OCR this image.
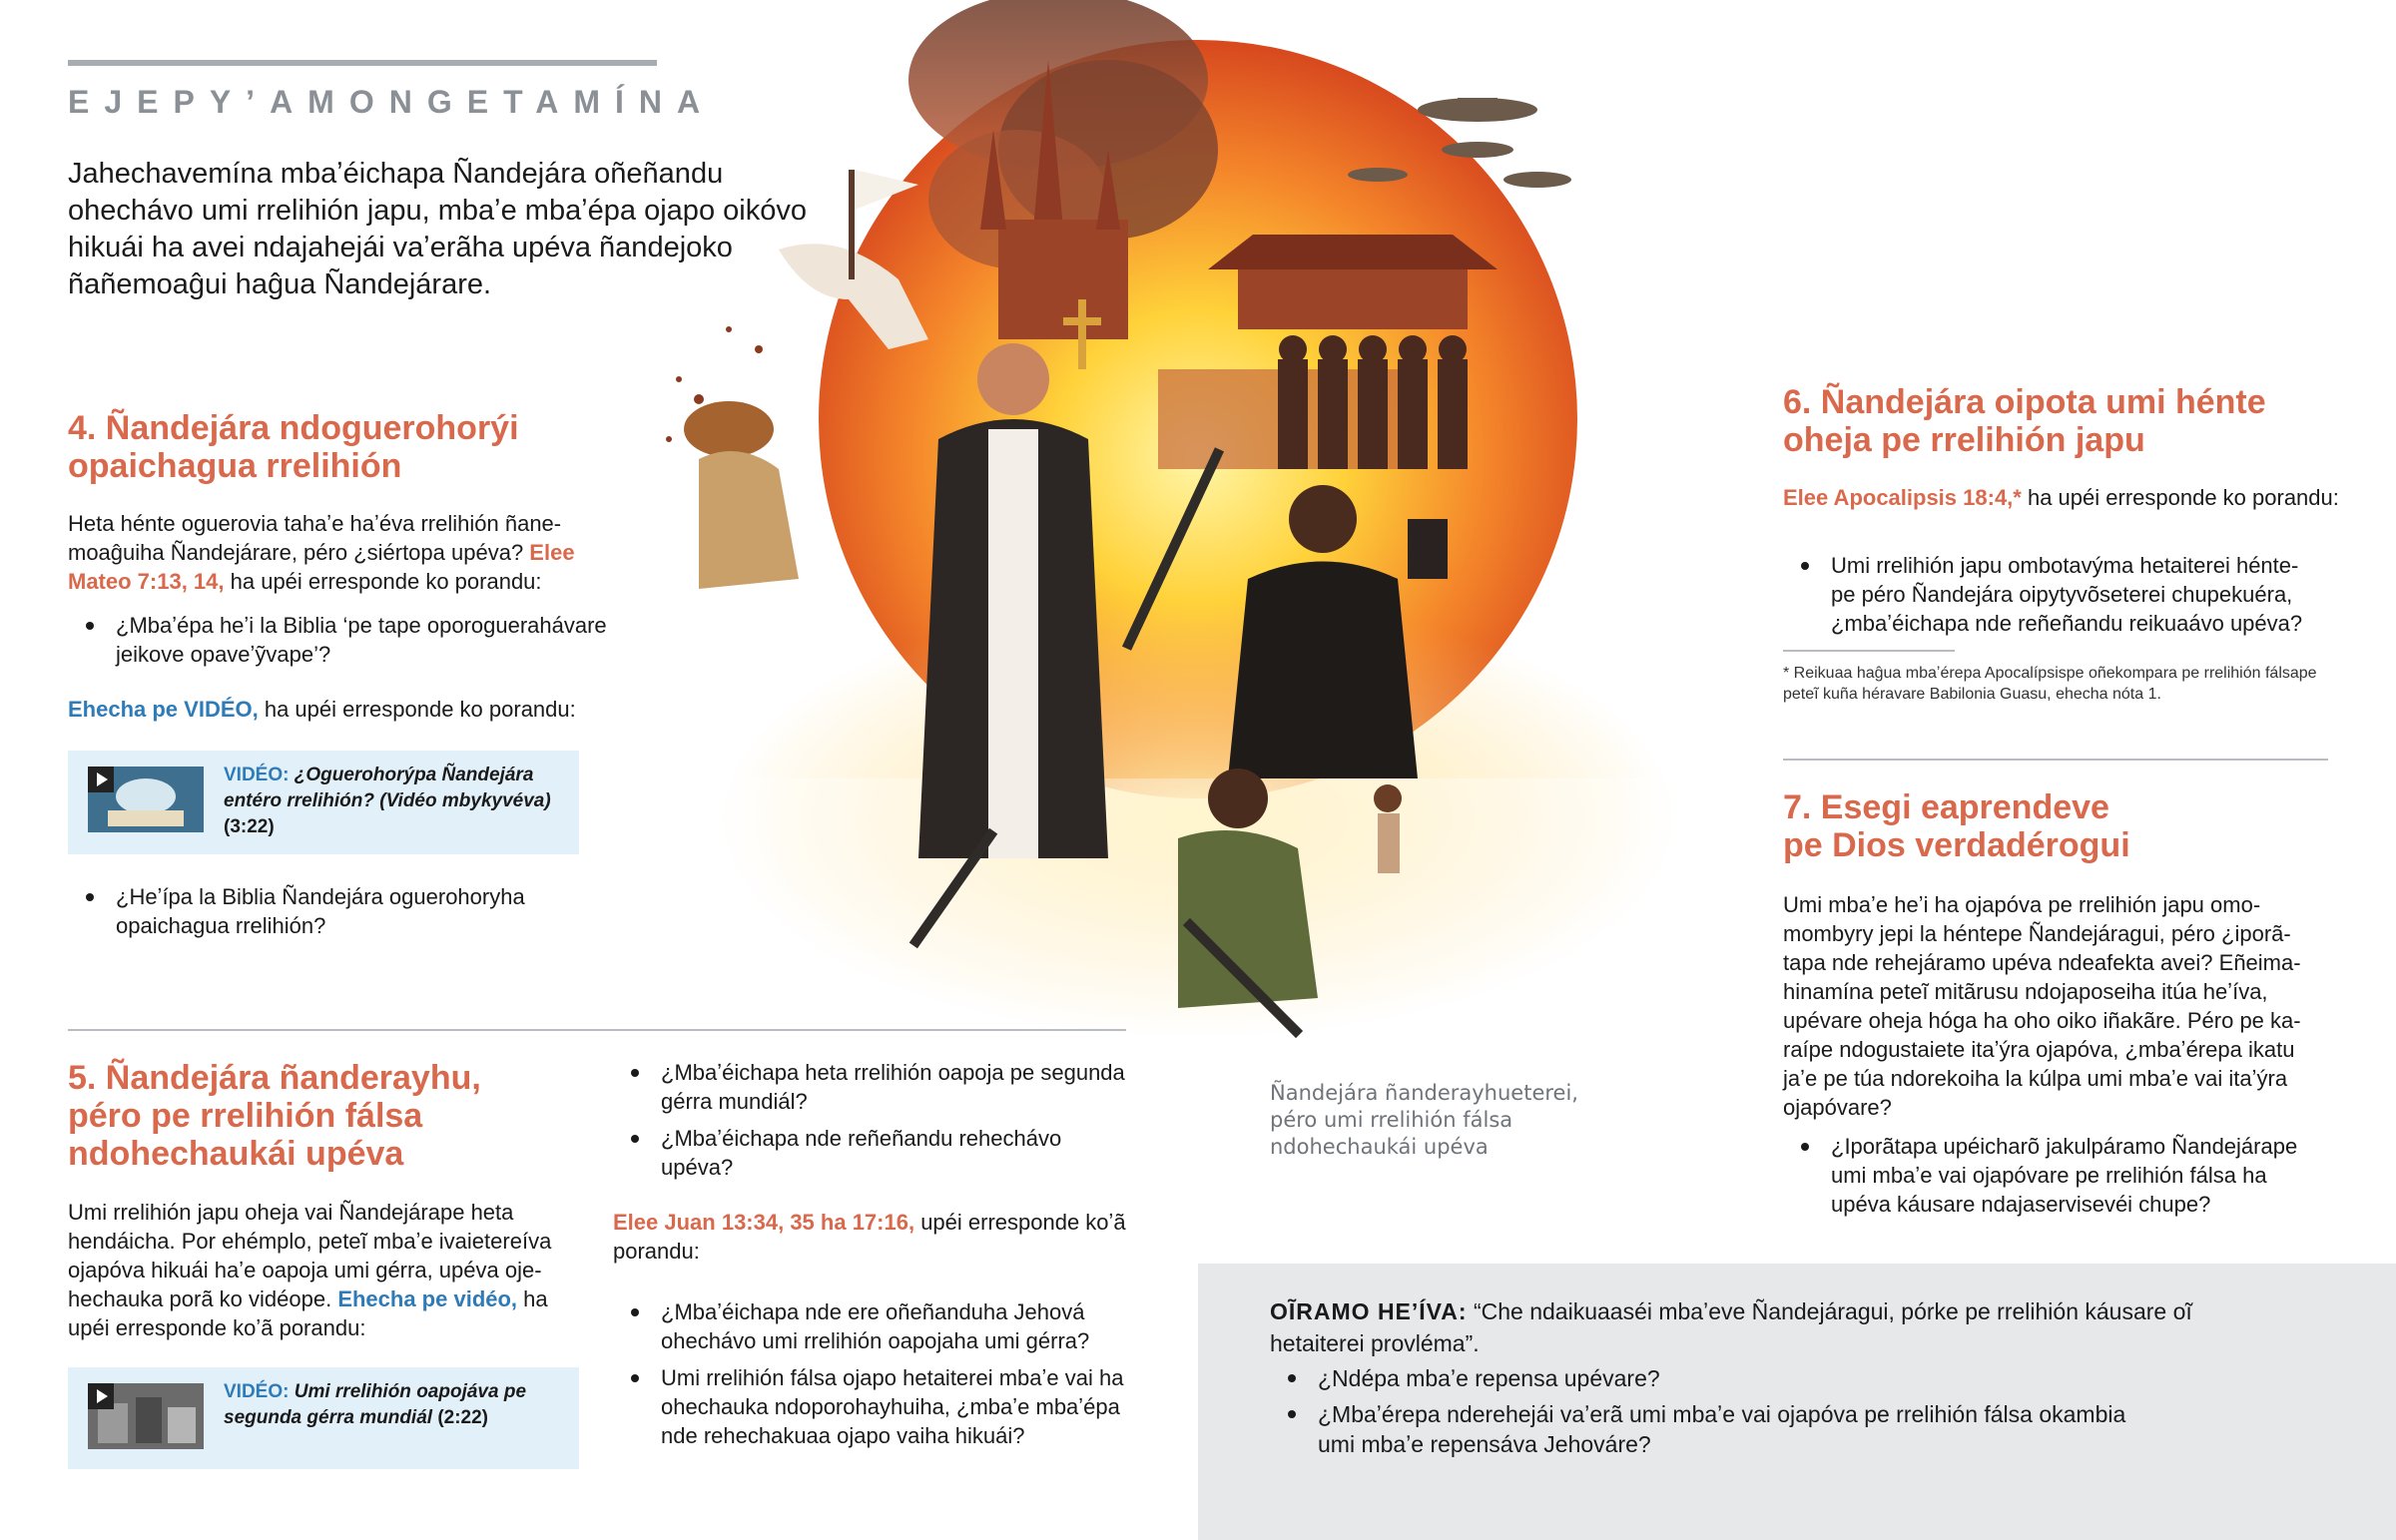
EJEPY’AMONGETAMÍNA
Jahechavemína mbaʼéichapa Ñandejára oñeñandu ohechávo umi rrelihión japu, mbaʼe mbaʼépa ojapo oikóvo hikuái ha avei ndajahejái vaʼerãha upéva ñandejoko ñañemoaĝui haĝua Ñandejárare.
4. Ñandejára ndoguerohorýi
opaichagua rrelihión
Heta hénte oguerovia tahaʼe haʼéva rrelihión ñane-moaĝuiha Ñandejárare, péro ¿siértopa upéva? Elee Mateo 7:13, 14, ha upéi erresponde ko porandu:
¿Mbaʼépa heʼi la Biblia ‘pe tape oporoguerahávare jeikove opaveʼỹvape’?
Ehecha pe VIDÉO, ha upéi erresponde ko porandu:
VIDÉO: ¿Oguerohorýpa Ñandejára entéro rrelihión? (Vidéo mbykyvéva) (3:22)
¿Heʼípa la Biblia Ñandejára oguerohoryha opaichagua rrelihión?
5. Ñandejára ñanderayhu,
péro pe rrelihión fálsa
ndohechaukái upéva
Umi rrelihión japu oheja vai Ñandejárape heta hendáicha. Por ehémplo, peteĩ mbaʼe ivaietereíva ojapóva hikuái haʼe oapoja umi gérra, upéva oje-hechauka porã ko vidéope. Ehecha pe vidéo, ha upéi erresponde koʼã porandu:
VIDÉO: Umi rrelihión oapojáva pe segunda gérra mundiál (2:22)
¿Mbaʼéichapa heta rrelihión oapoja pe segunda gérra mundiál?
¿Mbaʼéichapa nde reñeñandu rehechávo upéva?
Elee Juan 13:34, 35 ha 17:16, upéi erresponde koʼã porandu:
¿Mbaʼéichapa nde ere oñeñanduha Jehová ohechávo umi rrelihión oapojaha umi gérra?
Umi rrelihión fálsa ojapo hetaiterei mbaʼe vai ha ohechauka ndoporohayhuiha, ¿mbaʼe mbaʼépa nde rehechakuaa ojapo vaiha hikuái?
Ñandejára ñanderayhueterei, péro umi rrelihión fálsa ndohechaukái upéva
6. Ñandejára oipota umi hénte
oheja pe rrelihión japu
Elee Apocalipsis 18:4,* ha upéi erresponde ko porandu:
Umi rrelihión japu ombotavýma hetaiterei hénte-pe péro Ñandejára oipytyvõseterei chupekuéra, ¿mbaʼéichapa nde reñeñandu reikuaávo upéva?
* Reikuaa haĝua mbaʼérepa Apocalípsispe oñekompara pe rrelihión fálsape peteĩ kuña héravare Babilonia Guasu, ehecha nóta 1.
7. Esegi eaprendeve
pe Dios verdadérogui
Umi mbaʼe heʼi ha ojapóva pe rrelihión japu omo-mombyry jepi la héntepe Ñandejáragui, péro ¿iporã-tapa nde rehejáramo upéva ndeafekta avei? Eñeima-hinamína peteĩ mitãrusu ndojaposeiha itúa heʼíva, upévare oheja hóga ha oho oiko iñakãre. Péro pe ka-raípe ndogustaiete itaʼýra ojapóva, ¿mbaʼérepa ikatu jaʼe pe túa ndorekoiha la kúlpa umi mbaʼe vai itaʼýra ojapóvare?
¿Iporãtapa upéicharõ jakulpáramo Ñandejárape umi mbaʼe vai ojapóvare pe rrelihión fálsa ha upéva káusare ndajaservisevéi chupe?
OĨRAMO HEʼÍVA: “Che ndaikuaaséi mbaʼeve Ñandejáragui, pórke pe rrelihión káusare oĩ hetaiterei provléma”.
¿Ndépa mbaʼe repensa upévare?
¿Mbaʼérepa nderehejái vaʼerã umi mbaʼe vai ojapóva pe rrelihión fálsa okambia umi mbaʼe repensáva Jehováre?
